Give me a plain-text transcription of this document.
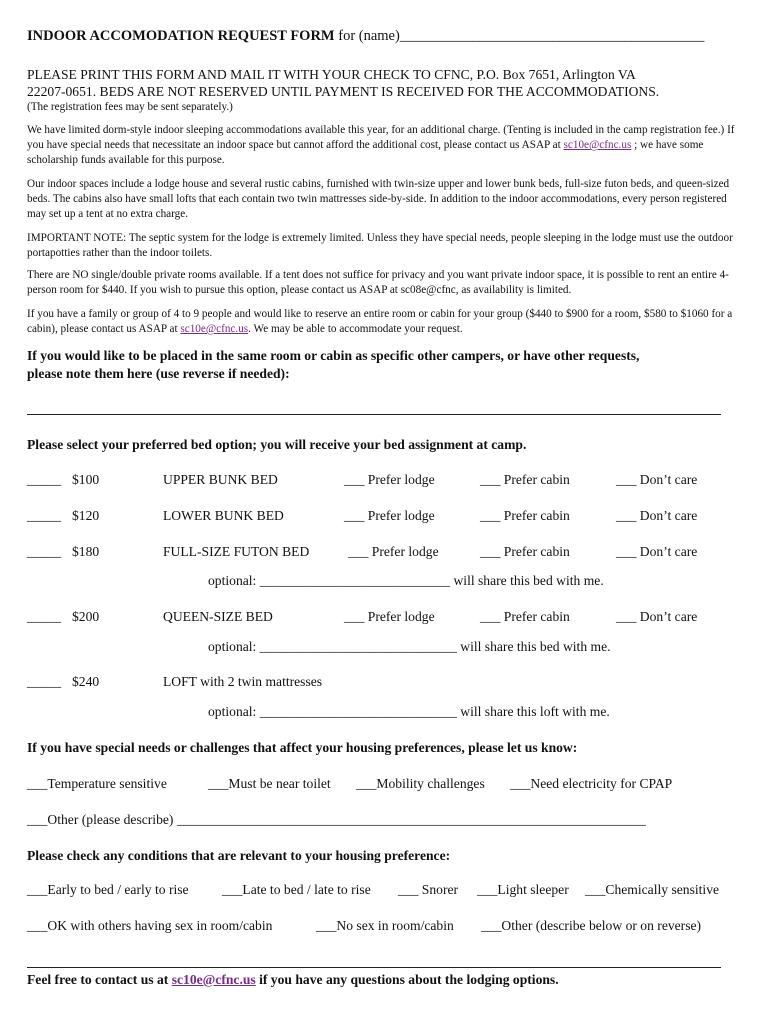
INDOOR ACCOMODATION REQUEST FORM for (name)__________________________________________
PLEASE PRINT THIS FORM AND MAIL IT WITH YOUR CHECK TO CFNC, P.O. Box 7651, Arlington VA
22207-0651. BEDS ARE NOT RESERVED UNTIL PAYMENT IS RECEIVED FOR THE ACCOMMODATIONS.
(The registration fees may be sent separately.)
We have limited dorm-style indoor sleeping accommodations available this year, for an additional charge. (Tenting is included in the camp registration fee.) If you have special needs that necessitate an indoor space but cannot afford the additional cost, please contact us ASAP at sc10e@cfnc.us ; we have some scholarship funds available for this purpose.
Our indoor spaces include a lodge house and several rustic cabins, furnished with twin-size upper and lower bunk beds, full-size futon beds, and queen-sized beds. The cabins also have small lofts that each contain two twin mattresses side-by-side. In addition to the indoor accommodations, every person registered may set up a tent at no extra charge.
IMPORTANT NOTE: The septic system for the lodge is extremely limited. Unless they have special needs, people sleeping in the lodge must use the outdoor portapotties rather than the indoor toilets.
There are NO single/double private rooms available. If a tent does not suffice for privacy and you want private indoor space, it is possible to rent an entire 4-person room for $440. If you wish to pursue this option, please contact us ASAP at sc08e@cfnc, as availability is limited.
If you have a family or group of 4 to 9 people and would like to reserve an entire room or cabin for your group ($440 to $900 for a room, $580 to $1060 for a cabin), please contact us ASAP at sc10e@cfnc.us. We may be able to accommodate your request.
If you would like to be placed in the same room or cabin as specific other campers, or have other requests,
please note them here (use reverse if needed):
Please select your preferred bed option; you will receive your bed assignment at camp.
_____ $100	UPPER BUNK BED	___ Prefer lodge	___ Prefer cabin	___ Don’t care
_____ $120	LOWER BUNK BED	___ Prefer lodge	___ Prefer cabin	___ Don’t care
_____ $180	FULL-SIZE FUTON BED	___ Prefer lodge	___ Prefer cabin	___ Don’t care
optional: ____________________________ will share this bed with me.
_____ $200	QUEEN-SIZE BED	___ Prefer lodge	___ Prefer cabin	___ Don’t care
optional: _____________________________ will share this bed with me.
_____ $240	LOFT with 2 twin mattresses
optional: _____________________________ will share this loft with me.
If you have special needs or challenges that affect your housing preferences, please let us know:
___Temperature sensitive	___Must be near toilet ___Mobility challenges ___Need electricity for CPAP
___Other (please describe) _____________________________________________________________________
Please check any conditions that are relevant to your housing preference:
___Early to bed / early to rise ___Late to bed / late to rise ___ Snorer ___Light sleeper ___Chemically sensitive
___OK with others having sex in room/cabin	___No sex in room/cabin ___Other (describe below or on reverse)
Feel free to contact us at sc10e@cfnc.us if you have any questions about the lodging options.
